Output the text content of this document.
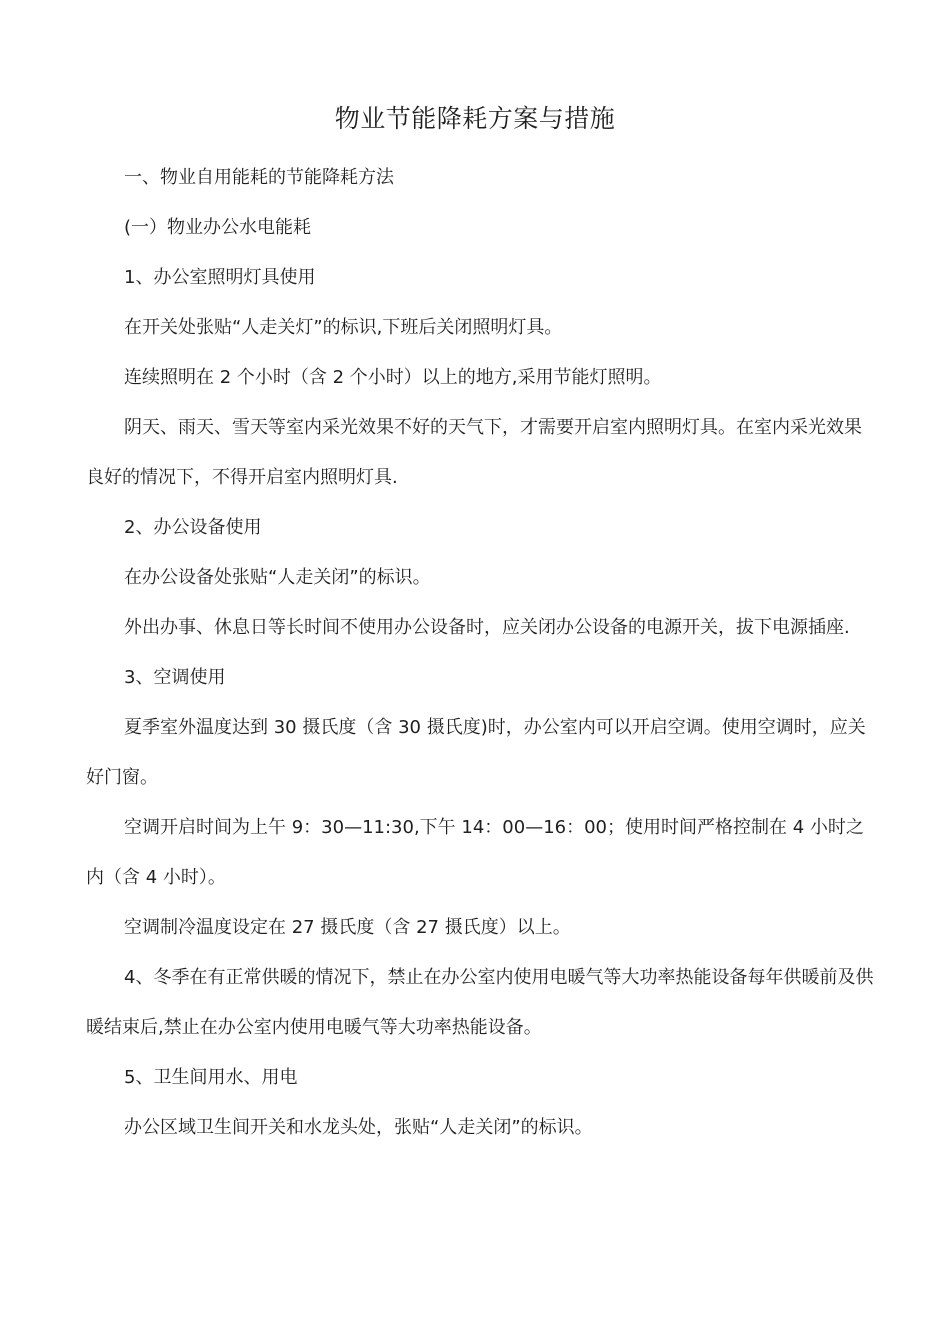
物业节能降耗方案与措施

一、物业自用能耗的节能降耗方法

(一）物业办公水电能耗

1、办公室照明灯具使用

在开关处张贴“人走关灯”的标识,下班后关闭照明灯具。

连续照明在 2 个小时（含 2 个小时）以上的地方,采用节能灯照明。

阴天、雨天、雪天等室内采光效果不好的天气下，才需要开启室内照明灯具。在室内采光效果良好的情况下，不得开启室内照明灯具.

2、办公设备使用

在办公设备处张贴“人走关闭”的标识。

外出办事、休息日等长时间不使用办公设备时，应关闭办公设备的电源开关，拔下电源插座.

3、空调使用

夏季室外温度达到 30 摄氏度（含 30 摄氏度)时，办公室内可以开启空调。使用空调时，应关好门窗。

空调开启时间为上午 9：30—11:30,下午 14：00—16：00；使用时间严格控制在 4 小时之内（含 4 小时）。

空调制冷温度设定在 27 摄氏度（含 27 摄氏度）以上。

4、冬季在有正常供暖的情况下，禁止在办公室内使用电暖气等大功率热能设备每年供暖前及供暖结束后,禁止在办公室内使用电暖气等大功率热能设备。

5、卫生间用水、用电

办公区域卫生间开关和水龙头处，张贴“人走关闭”的标识。
